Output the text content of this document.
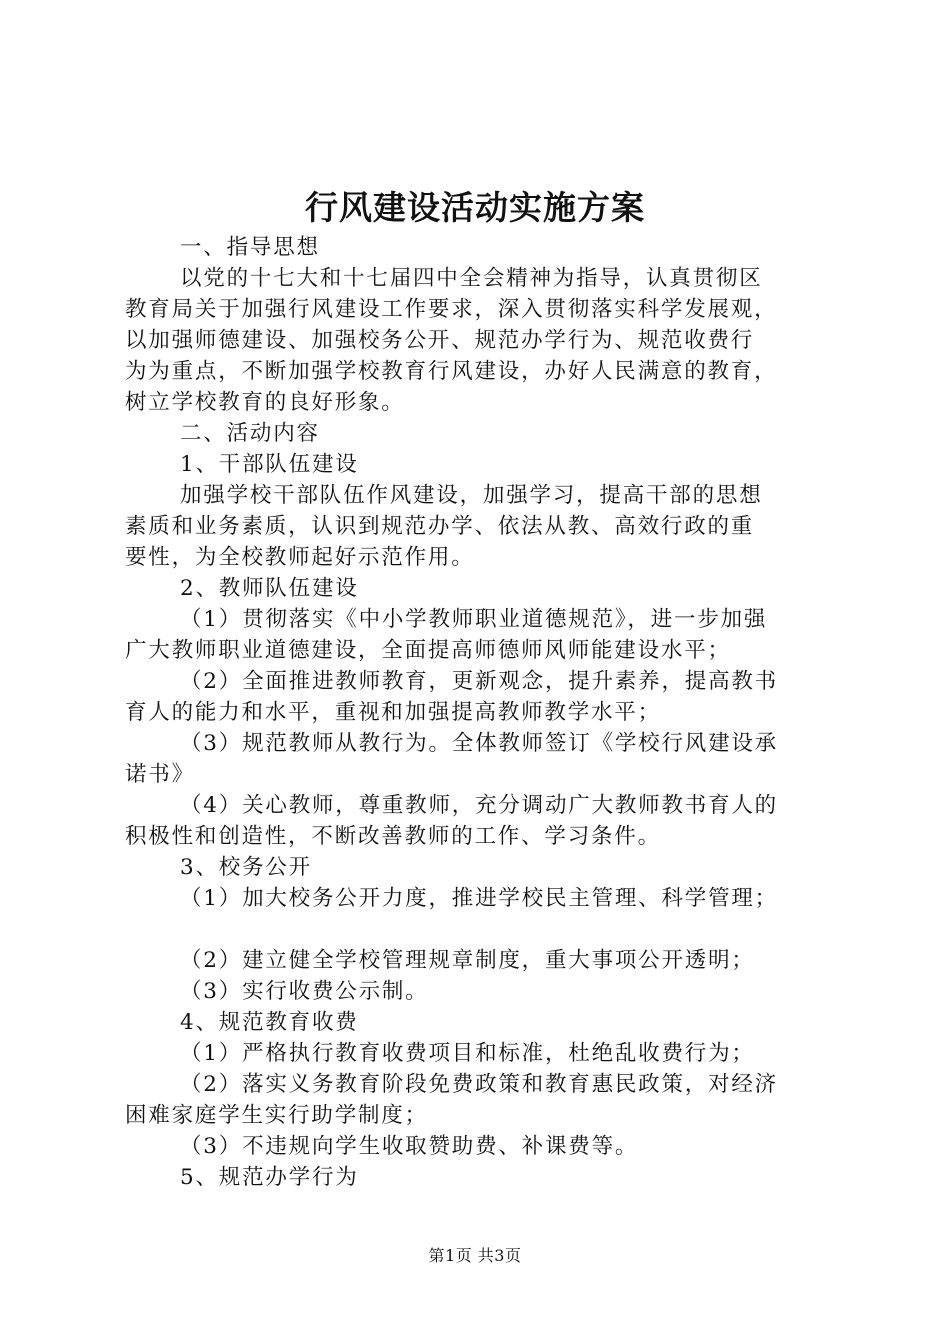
行风建设活动实施方案
一、指导思想
以党的十七大和十七届四中全会精神为指导，认真贯彻区
教育局关于加强行风建设工作要求，深入贯彻落实科学发展观，
以加强师德建设、加强校务公开、规范办学行为、规范收费行
为为重点，不断加强学校教育行风建设，办好人民满意的教育，
树立学校教育的良好形象。
二、活动内容
1、干部队伍建设
加强学校干部队伍作风建设，加强学习，提高干部的思想
素质和业务素质，认识到规范办学、依法从教、高效行政的重
要性，为全校教师起好示范作用。
2、教师队伍建设
（1）贯彻落实《中小学教师职业道德规范》，进一步加强
广大教师职业道德建设，全面提高师德师风师能建设水平；
（2）全面推进教师教育，更新观念，提升素养，提高教书
育人的能力和水平，重视和加强提高教师教学水平；
（3）规范教师从教行为。全体教师签订《学校行风建设承
诺书》
（4）关心教师，尊重教师，充分调动广大教师教书育人的
积极性和创造性，不断改善教师的工作、学习条件。
3、校务公开
（1）加大校务公开力度，推进学校民主管理、科学管理；
（2）建立健全学校管理规章制度，重大事项公开透明；
（3）实行收费公示制。
4、规范教育收费
（1）严格执行教育收费项目和标准，杜绝乱收费行为；
（2）落实义务教育阶段免费政策和教育惠民政策，对经济
困难家庭学生实行助学制度；
（3）不违规向学生收取赞助费、补课费等。
5、规范办学行为
第1页 共3页
